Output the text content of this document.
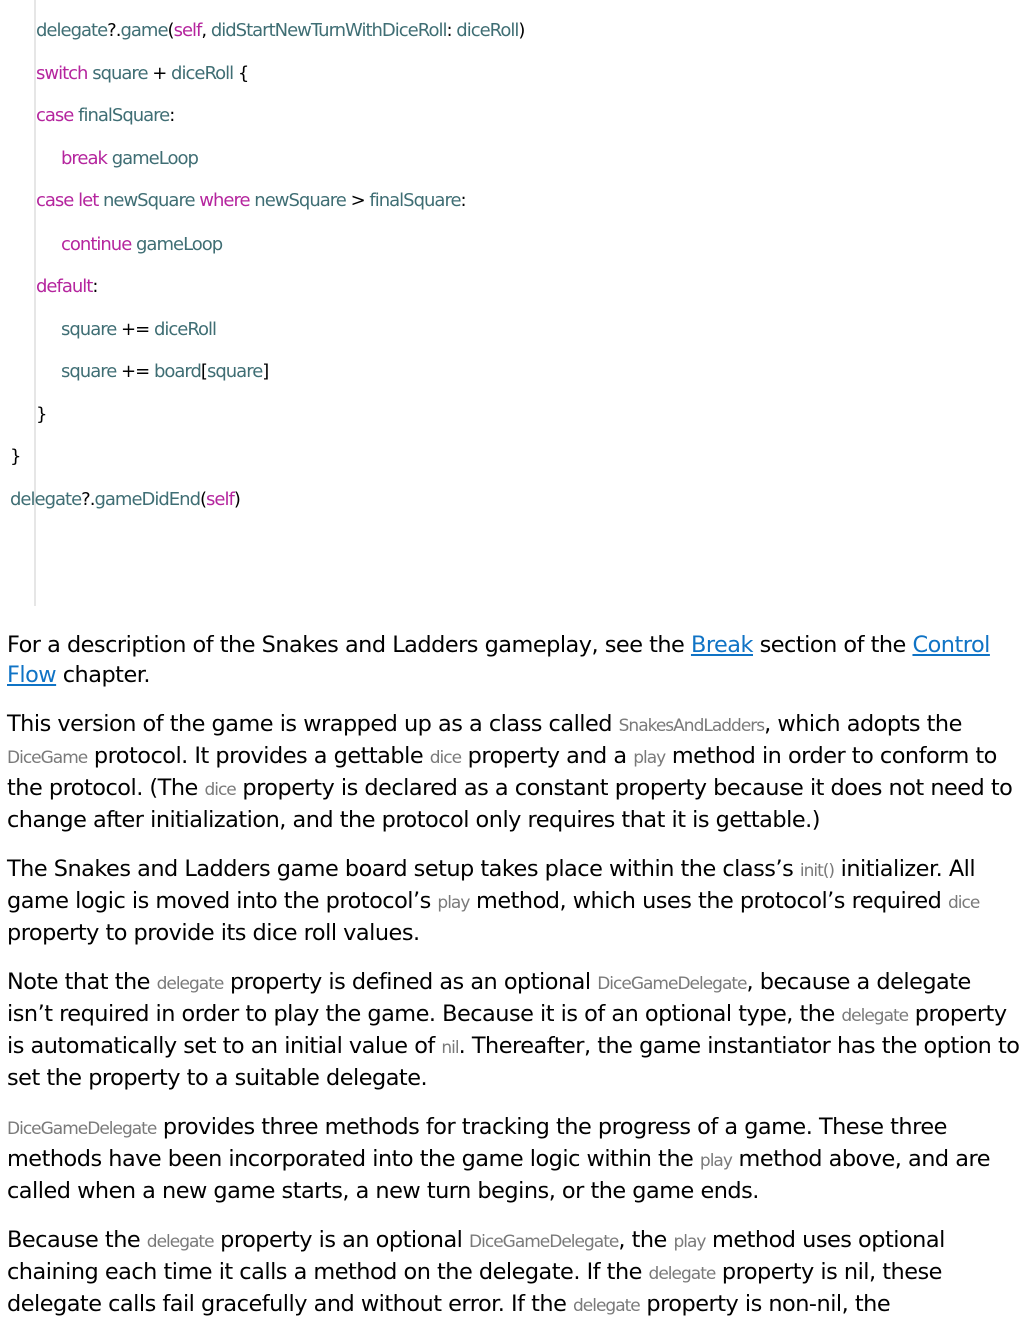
delegate?.game(self, didStartNewTurnWithDiceRoll: diceRoll)
switch square + diceRoll {
case finalSquare:
break gameLoop
case let newSquare where newSquare > finalSquare:
continue gameLoop
default:
square += diceRoll
square += board[square]
}
}
delegate?.gameDidEnd(self)

For a description of the Snakes and Ladders gameplay, see the Break section of the Control Flow chapter.

This version of the game is wrapped up as a class called SnakesAndLadders, which adopts the DiceGame protocol. It provides a gettable dice property and a play method in order to conform to the protocol. (The dice property is declared as a constant property because it does not need to change after initialization, and the protocol only requires that it is gettable.)

The Snakes and Ladders game board setup takes place within the class’s init() initializer. All game logic is moved into the protocol’s play method, which uses the protocol’s required dice property to provide its dice roll values.

Note that the delegate property is defined as an optional DiceGameDelegate, because a delegate isn’t required in order to play the game. Because it is of an optional type, the delegate property is automatically set to an initial value of nil. Thereafter, the game instantiator has the option to set the property to a suitable delegate.

DiceGameDelegate provides three methods for tracking the progress of a game. These three methods have been incorporated into the game logic within the play method above, and are called when a new game starts, a new turn begins, or the game ends.

Because the delegate property is an optional DiceGameDelegate, the play method uses optional chaining each time it calls a method on the delegate. If the delegate property is nil, these delegate calls fail gracefully and without error. If the delegate property is non-nil, the
